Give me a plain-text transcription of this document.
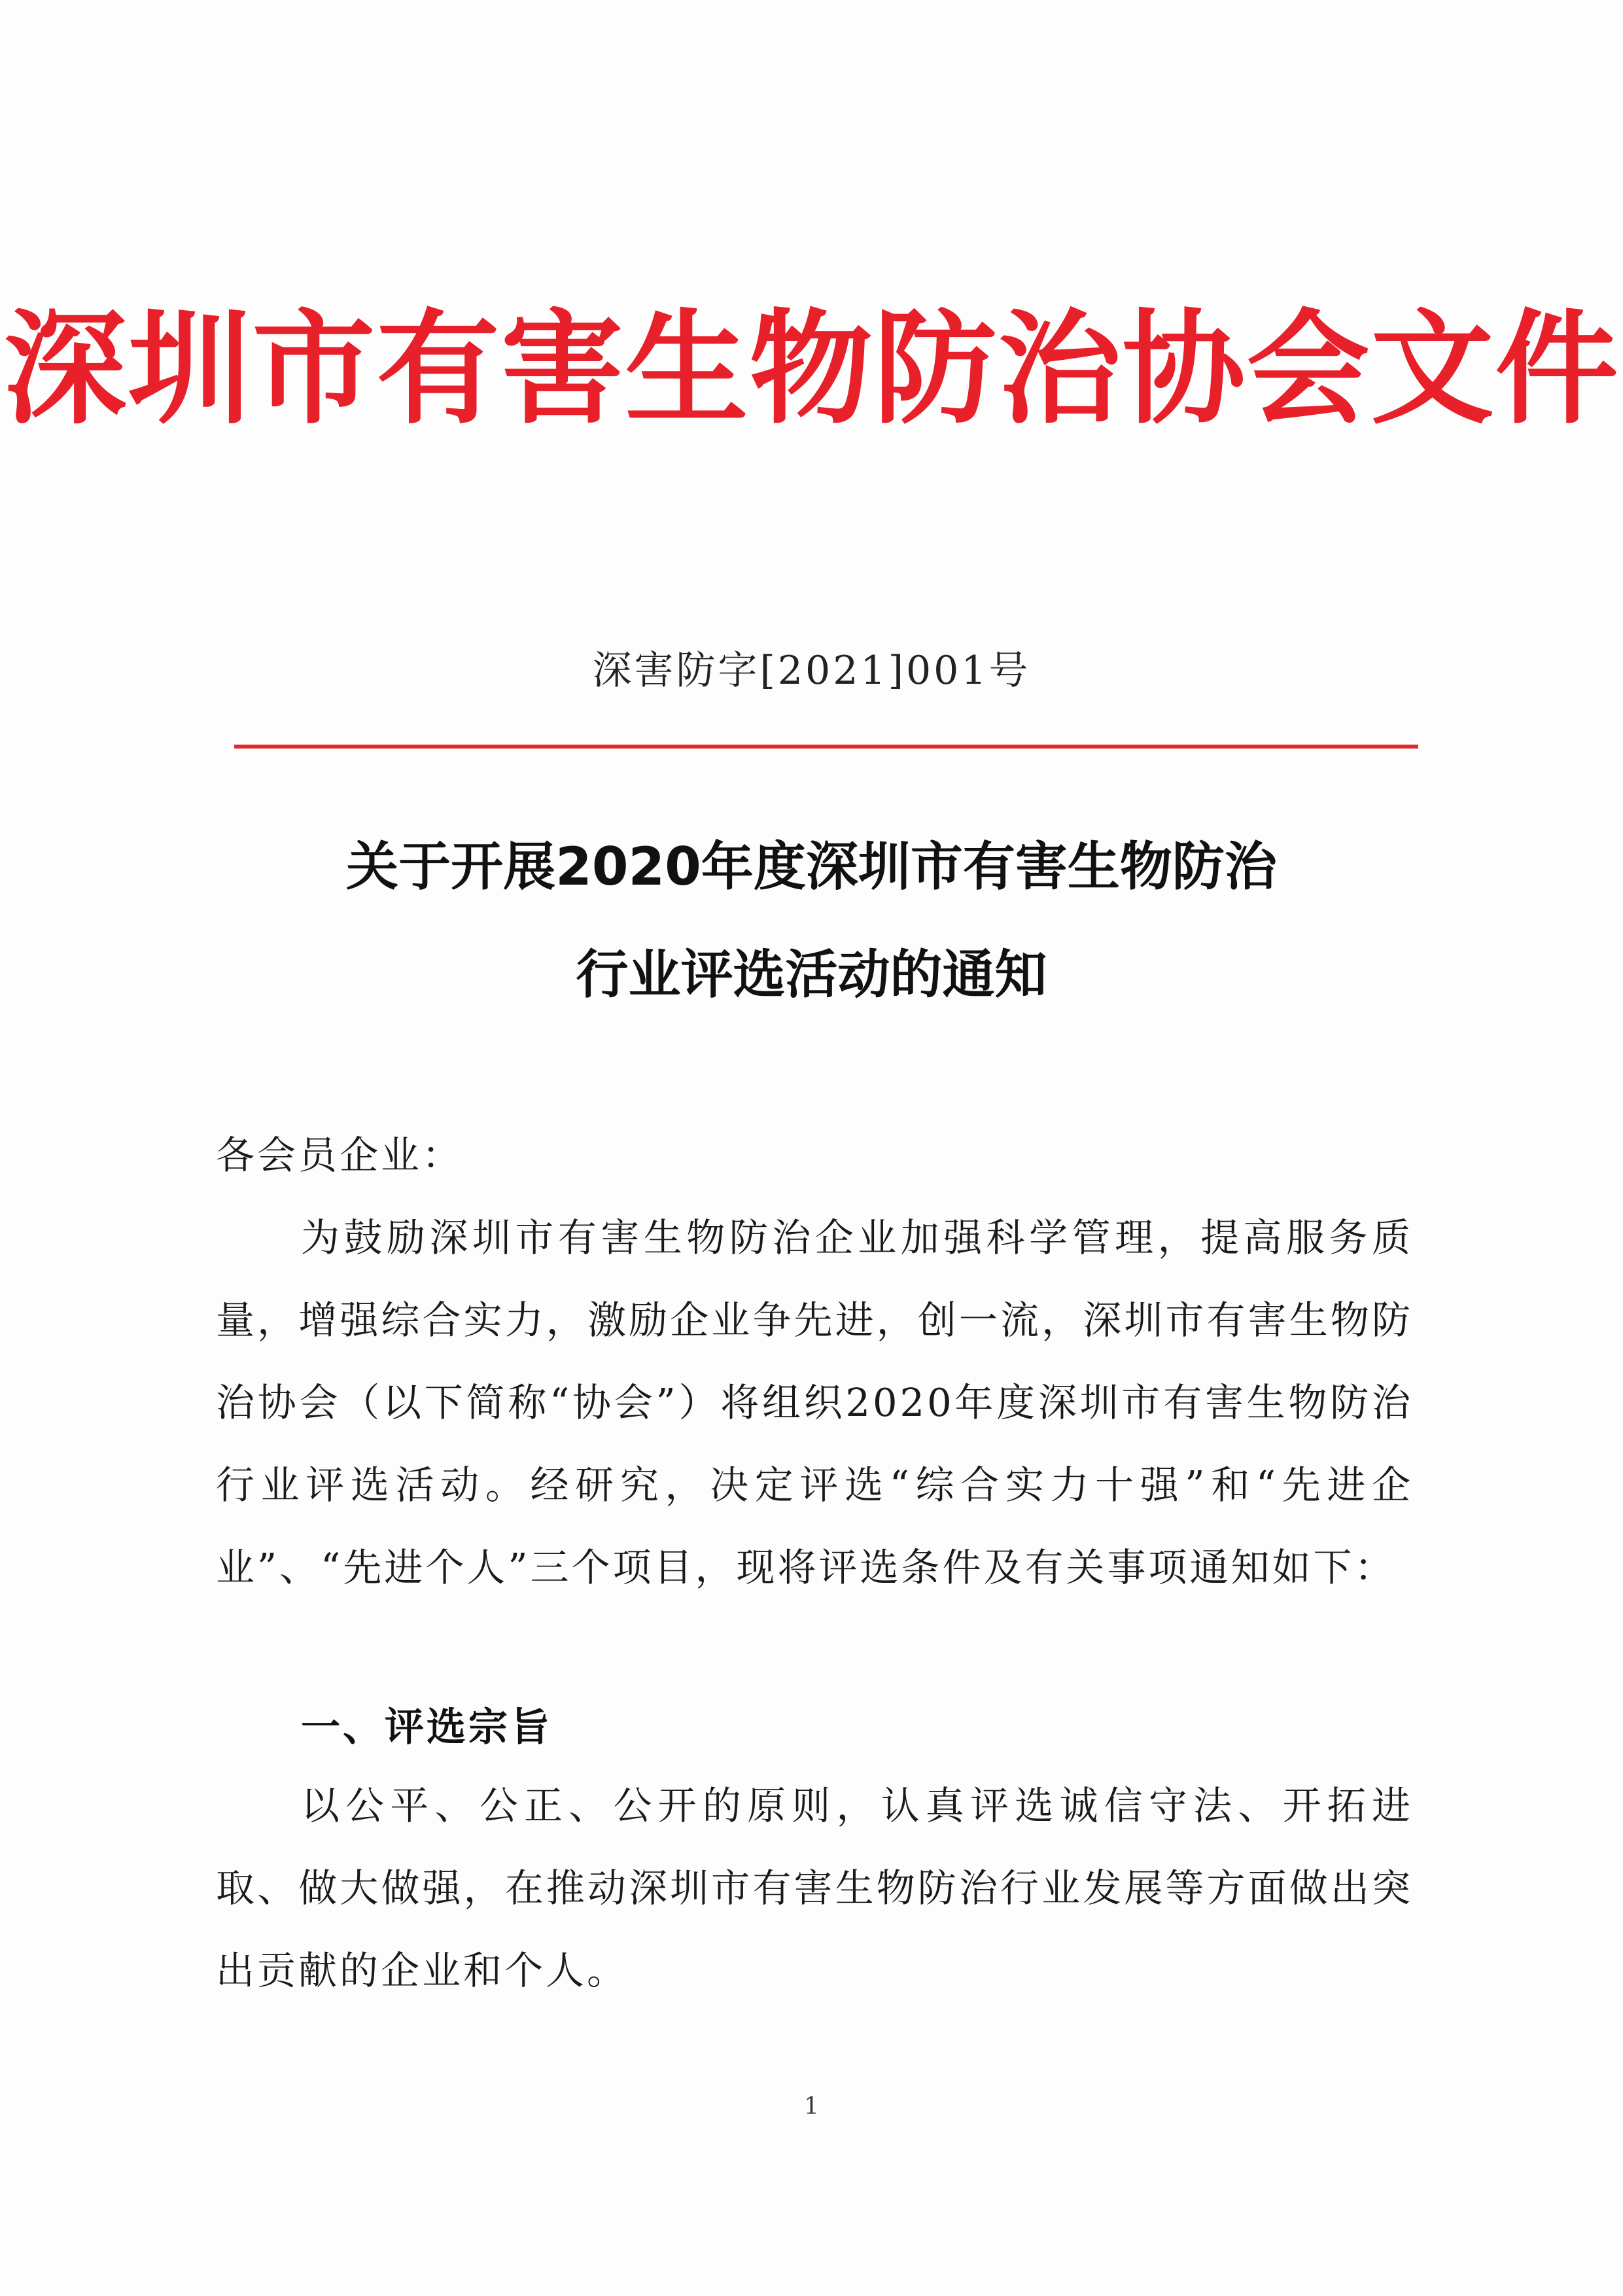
深圳市有害生物防治协会文件
深害防字[2021]001号
关于开展2020年度深圳市有害生物防治
行业评选活动的通知
各会员企业：
为鼓励深圳市有害生物防治企业加强科学管理，提高服务质量，增强综合实力，激励企业争先进，创一流，深圳市有害生物防治协会（以下简称“协会”）将组织2020年度深圳市有害生物防治行业评选活动。经研究，决定评选“综合实力十强”和“先进企业”、“先进个人”三个项目，现将评选条件及有关事项通知如下：
一、评选宗旨
以公平、公正、公开的原则，认真评选诚信守法、开拓进取、做大做强，在推动深圳市有害生物防治行业发展等方面做出突出贡献的企业和个人。
1
